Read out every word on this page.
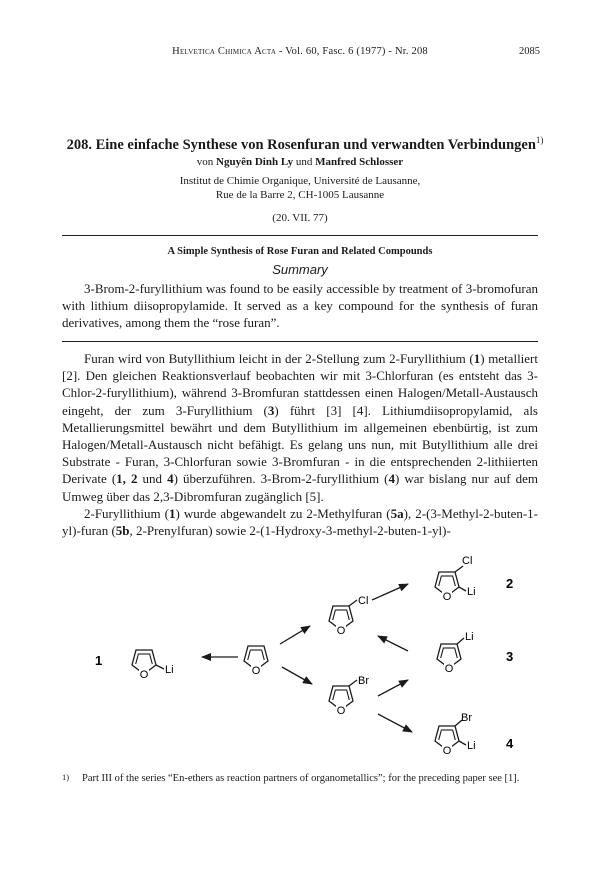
Helvetica Chimica Acta - Vol. 60, Fasc. 6 (1977) - Nr. 208	2085
208. Eine einfache Synthese von Rosenfuran und verwandten Verbindungen$^{1)}$
von Nguyên Dinh Ly und Manfred Schlosser
Institut de Chimie Organique, Université de Lausanne,
Rue de la Barre 2, CH-1005 Lausanne
(20. VII. 77)
A Simple Synthesis of Rose Furan and Related Compounds
Summary

3-Brom-2-furyllithium was found to be easily accessible by treatment of 3-bromofuran with lithium diisopropylamide. It served as a key compound for the synthesis of furan derivatives, among them the “rose furan”.

Furan wird von Butyllithium leicht in der 2-Stellung zum 2-Furyllithium (1) metalliert [2]. Den gleichen Reaktionsverlauf beobachten wir mit 3-Chlorfuran (es entsteht das 3-Chlor-2-furyllithium), während 3-Bromfuran stattdessen einen Halogen/Metall-Austausch eingeht, der zum 3-Furyllithium (3) führt [3] [4]. Lithiumdiisopropylamid, als Metallierungsmittel bewährt und dem Butyllithium im allgemeinen ebenbürtig, ist zum Halogen/Metall-Austausch nicht befähigt. Es gelang uns nun, mit Butyllithium alle drei Substrate - Furan, 3-Chlorfuran sowie 3-Bromfuran - in die entsprechenden 2-lithiierten Derivate (1, 2 und 4) überzuführen. 3-Brom-2-furyllithium (4) war bislang nur auf dem Umweg über das 2,3-Dibromfuran zugänglich [5].

2-Furyllithium (1) wurde abgewandelt zu 2-Methylfuran (5a), 2-(3-Methyl-2-buten-1-yl)-furan (5b, 2-Prenylfuran) sowie 2-(1-Hydroxy-3-methyl-2-buten-1-yl)-

O Li
1
O
O
Cl
O
Br
O
Cl
Li
2
O
Li
3
O
Br
Li 4
1) Part III of the series “En-ethers as reaction partners of organometallics”; for the preceding paper see [1].
